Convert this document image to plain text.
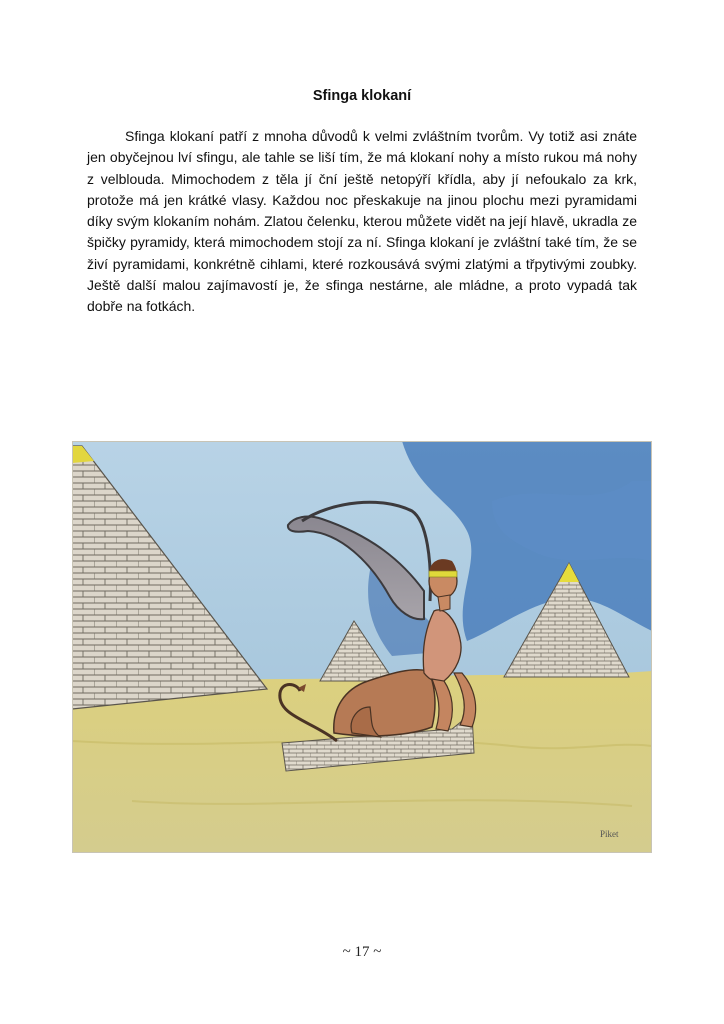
Sfinga klokaní

Sfinga klokaní patří z mnoha důvodů k velmi zvláštním tvorům. Vy totiž asi znáte jen obyčejnou lví sfingu, ale tahle se liší tím, že má klokaní nohy a místo rukou má nohy z velblouda. Mimochodem z těla jí ční ještě netopýří křídla, aby jí nefoukalo za krk, protože má jen krátké vlasy. Každou noc přeskakuje na jinou plochu mezi pyramidami díky svým klokaním nohám. Zlatou čelenku, kterou můžete vidět na její hlavě, ukradla ze špičky pyramidy, která mimochodem stojí za ní. Sfinga klokaní je zvláštní také tím, že se živí pyramidami, konkrétně cihlami, které rozkousává svými zlatými a třpytivými zoubky. Ještě další malou zajímavostí je, že sfinga nestárne, ale mládne, a proto vypadá tak dobře na fotkách.

Piket
~ 17 ~
